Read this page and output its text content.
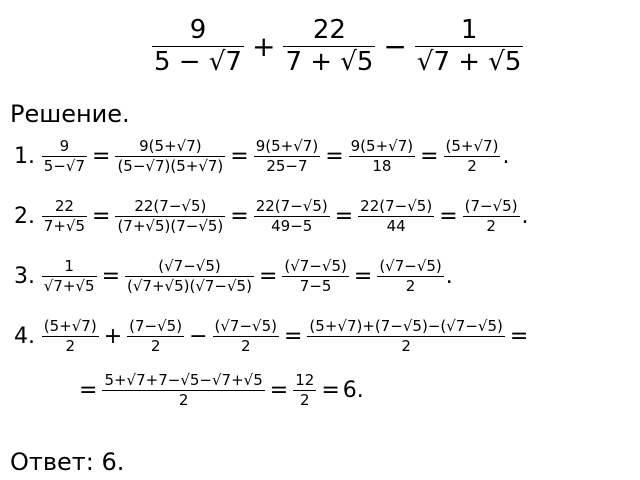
$\frac{9}{5 - √7} + \frac{22}{7 + √5} - \frac{1}{√7 + √5}$
Решение.
1. $\frac{9}{5-√7} = \frac{9(5+√7)}{(5-√7)(5+√7)} = \frac{9(5+√7)}{25-7} = \frac{9(5+√7)}{18} = \frac{(5+√7)}{2}$ .
2. $\frac{22}{7+√5} = \frac{22(7-√5)}{(7+√5)(7-√5)} = \frac{22(7-√5)}{49-5} = \frac{22(7-√5)}{44} = \frac{(7-√5)}{2}$ .
3. $\frac{1}{√7+√5} = \frac{(√7-√5)}{(√7+√5)(√7-√5)} = \frac{(√7-√5)}{7-5} = \frac{(√7-√5)}{2}$ .
4. $\frac{(5+√7)}{2} + \frac{(7-√5)}{2} - \frac{(√7-√5)}{2} = \frac{(5+√7)+(7-√5)-(√7-√5)}{2}$ =
= $\frac{5+√7+7-√5-√7+√5}{2} = \frac{12}{2} = 6$.
Ответ: 6.
